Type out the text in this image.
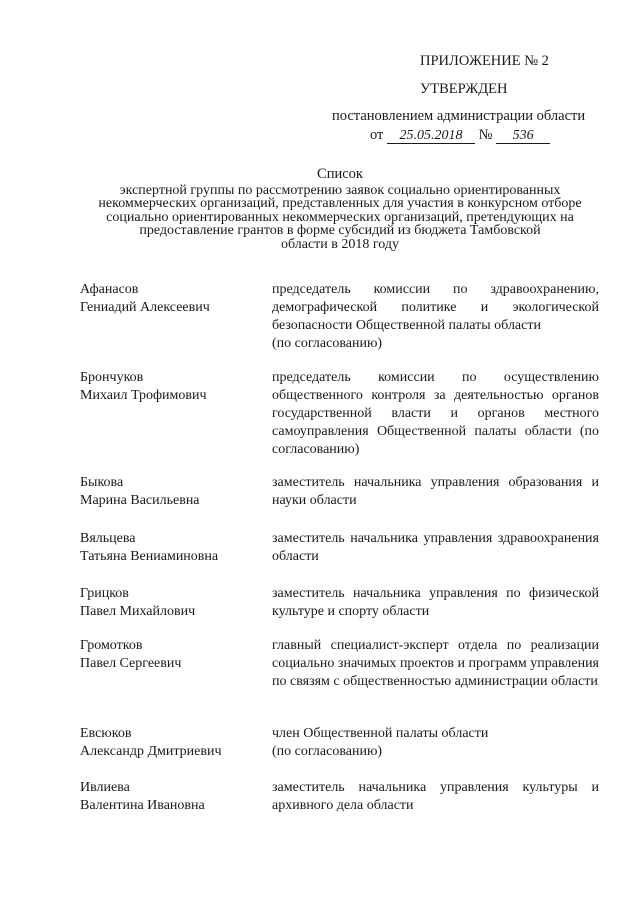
ПРИЛОЖЕНИЕ № 2
УТВЕРЖДЕН
постановлением администрации области
от 25.05.2018 № 536
Список
экспертной группы по рассмотрению заявок социально ориентированных
некоммерческих организаций, представленных для участия в конкурсном отборе
социально ориентированных некоммерческих организаций, претендующих на
предоставление грантов в форме субсидий из бюджета Тамбовской
области в 2018 году
Афанасов
Гениадий Алексеевич
председатель комиссии по здравоохранению, демографической политике и экологической безопасности Общественной палаты области
(по согласованию)
Брончуков
Михаил Трофимович
председатель комиссии по осуществлению общественного контроля за деятельностью органов государственной власти и органов местного самоуправления Общественной палаты области (по согласованию)
Быкова
Марина Васильевна
заместитель начальника управления образования и науки области
Вяльцева
Татьяна Вениаминовна
заместитель начальника управления здравоохранения области
Грицков
Павел Михайлович
заместитель начальника управления по физической культуре и спорту области
Громотков
Павел Сергеевич
главный специалист-эксперт отдела по реализации социально значимых проектов и программ управления по связям с общественностью администрации области
Евсюков
Александр Дмитриевич
член Общественной палаты области
(по согласованию)
Ивлиева
Валентина Ивановна
заместитель начальника управления культуры и архивного дела области
